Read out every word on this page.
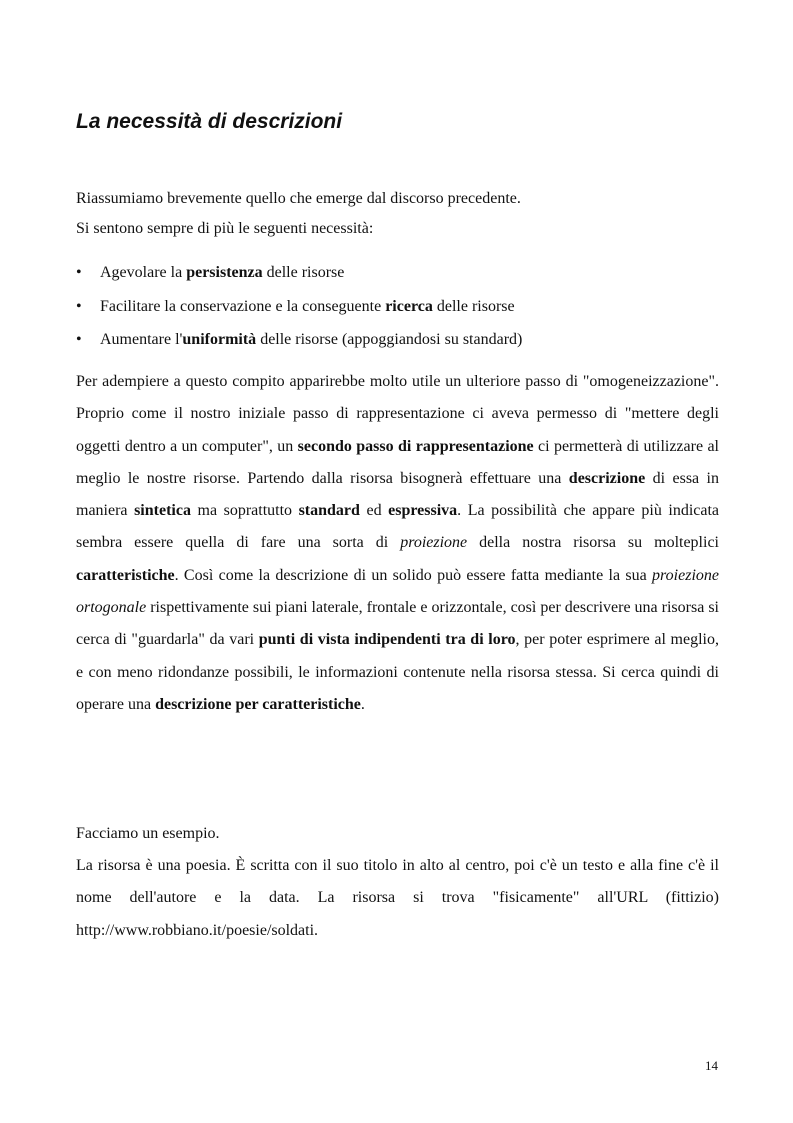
La necessità di descrizioni

Riassumiamo brevemente quello che emerge dal discorso precedente.

Si sentono sempre di più le seguenti necessità:

• Agevolare la persistenza delle risorse
• Facilitare la conservazione e la conseguente ricerca delle risorse
• Aumentare l'uniformità delle risorse (appoggiandosi su standard)

Per adempiere a questo compito apparirebbe molto utile un ulteriore passo di "omogeneizzazione". Proprio come il nostro iniziale passo di rappresentazione ci aveva permesso di "mettere degli oggetti dentro a un computer", un secondo passo di rappresentazione ci permetterà di utilizzare al meglio le nostre risorse. Partendo dalla risorsa bisognerà effettuare una descrizione di essa in maniera sintetica ma soprattutto standard ed espressiva. La possibilità che appare più indicata sembra essere quella di fare una sorta di proiezione della nostra risorsa su molteplici caratteristiche. Così come la descrizione di un solido può essere fatta mediante la sua proiezione ortogonale rispettivamente sui piani laterale, frontale e orizzontale, così per descrivere una risorsa si cerca di "guardarla" da vari punti di vista indipendenti tra di loro, per poter esprimere al meglio, e con meno ridondanze possibili, le informazioni contenute nella risorsa stessa. Si cerca quindi di operare una descrizione per caratteristiche.

Facciamo un esempio.

La risorsa è una poesia. È scritta con il suo titolo in alto al centro, poi c'è un testo e alla fine c'è il nome dell'autore e la data. La risorsa si trova "fisicamente" all'URL (fittizio) http://www.robbiano.it/poesie/soldati.

14
